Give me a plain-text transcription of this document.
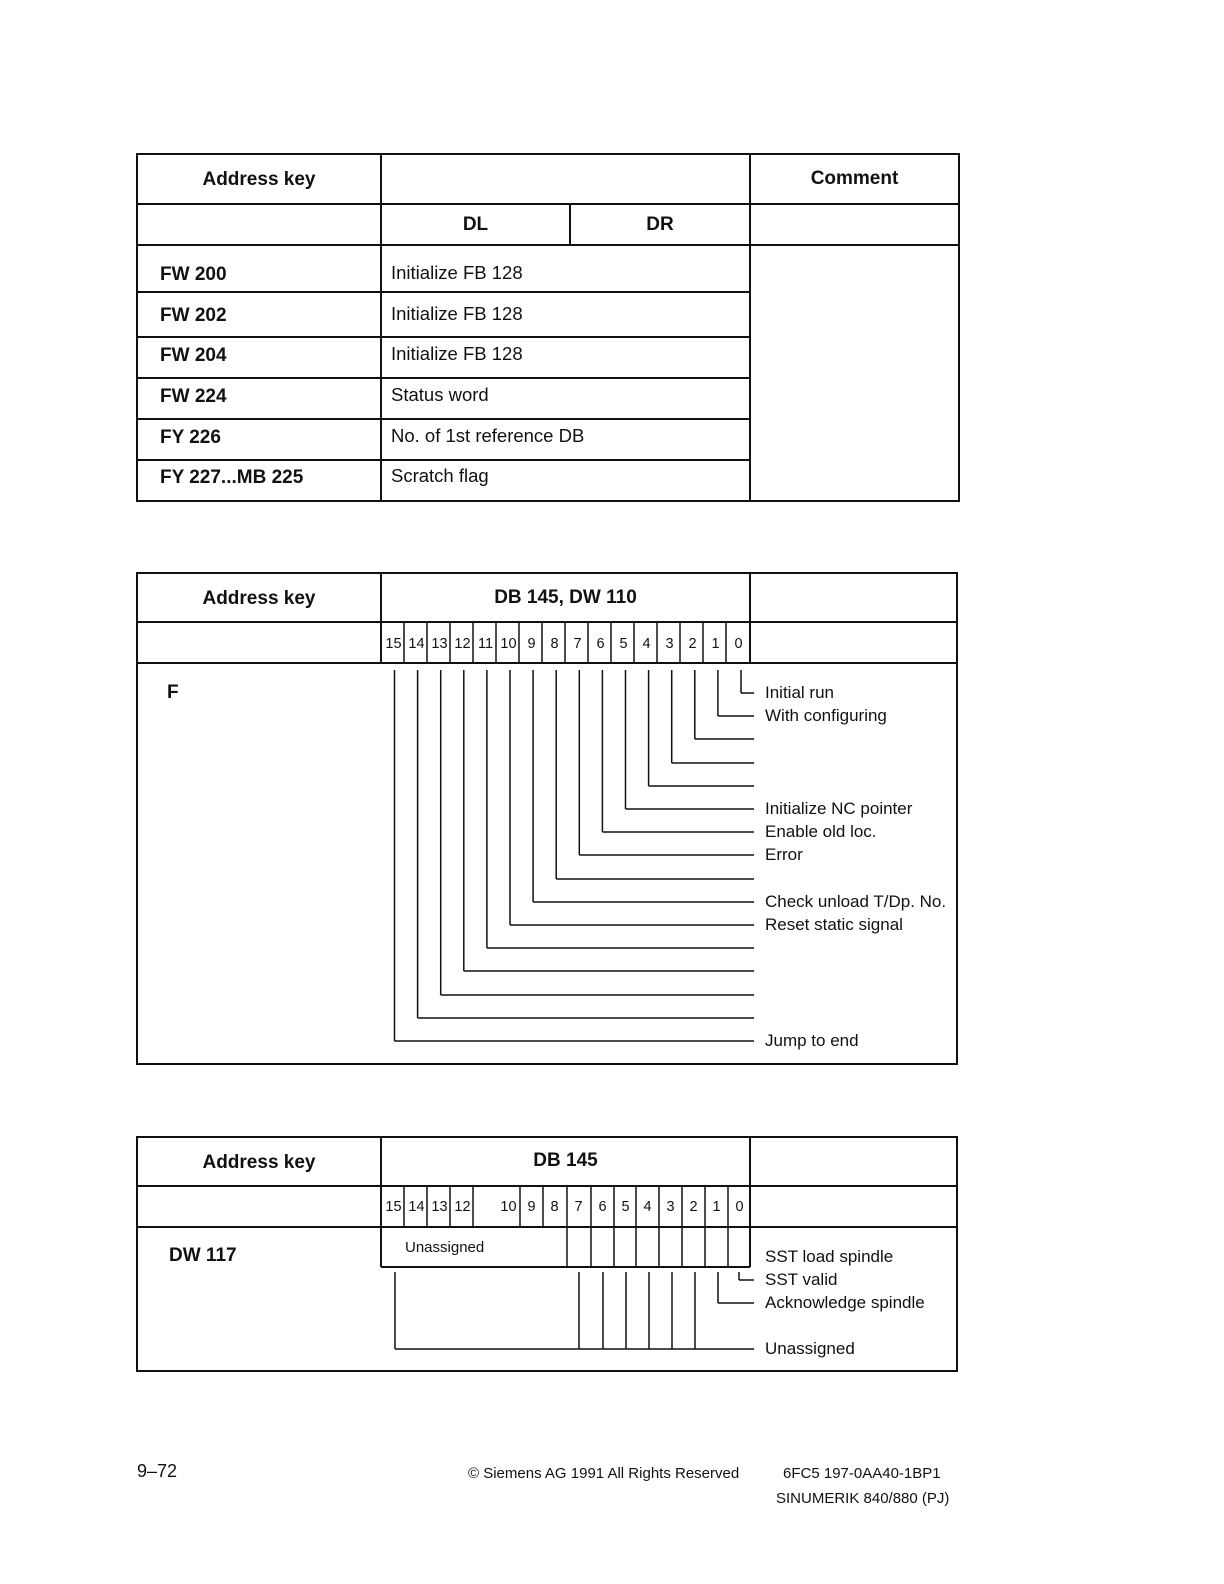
Address key	Comment
DL	DR
FW 200	Initialize FB 128
FW 202	Initialize FB 128
FW 204	Initialize FB 128
FW 224	Status word
FY 226	No. of 1st reference DB
FY 227...MB 225	Scratch flag
Address key	DB 145, DW 110
15 14 13 12 11 10 9	8	7	6	5	4	3	2	1	0
F	Initial run
With configuring
Initialize NC pointer
Enable old loc.
Error
Check unload T/Dp. No.
Reset static signal
Jump to end
Address key	DB 145
15 14 13 12 10 9	8	7	6	5 4	3	2	1	0
DW 117	Unassigned	SST load spindle
SST valid
Acknowledge spindle
Unassigned
9–72	© Siemens AG 1991 All Rights Reserved	6FC5 197-0AA40-1BP1
SINUMERIK 840/880 (PJ)
